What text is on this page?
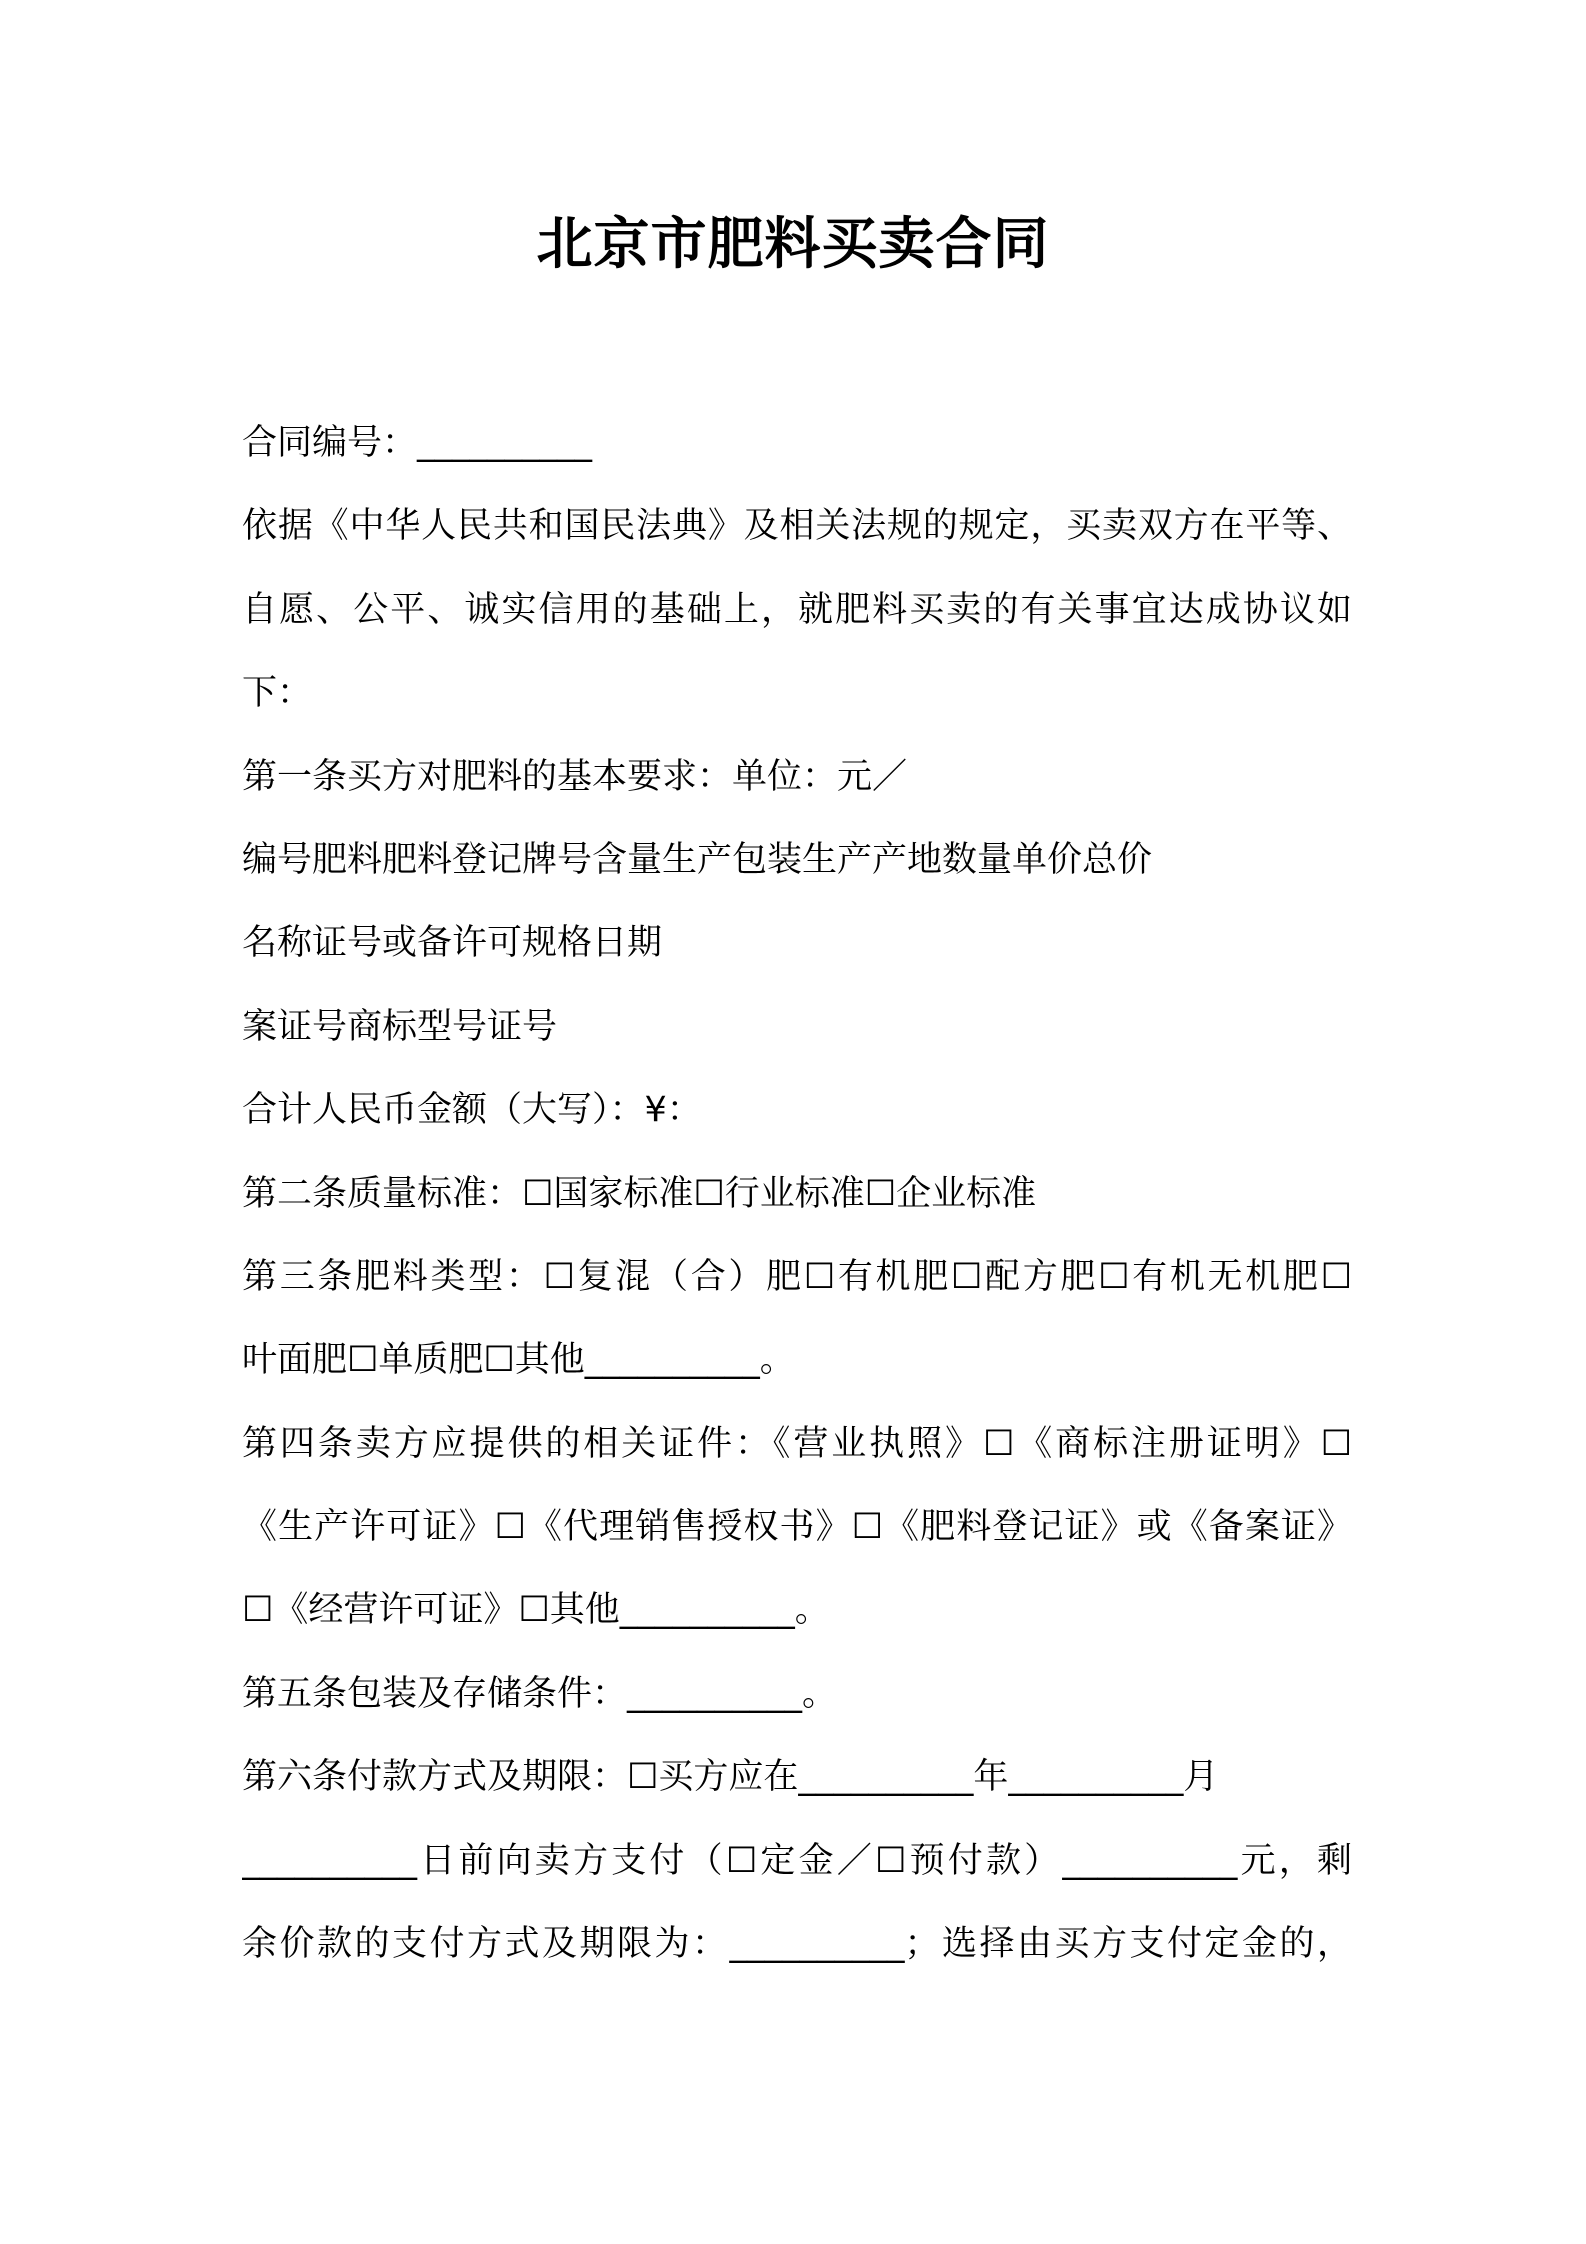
北京市肥料买卖合同
合同编号：__________
依据《中华人民共和国民法典》及相关法规的规定，买卖双方在平等、
自愿、公平、诚实信用的基础上，就肥料买卖的有关事宜达成协议如
下：
第一条买方对肥料的基本要求：单位：元／
编号肥料肥料登记牌号含量生产包装生产产地数量单价总价
名称证号或备许可规格日期
案证号商标型号证号
合计人民币金额（大写）：¥：
第二条质量标准：☐国家标准☐行业标准☐企业标准
第三条肥料类型：☐复混（合）肥☐有机肥☐配方肥☐有机无机肥☐
叶面肥☐单质肥☐其他__________。
第四条卖方应提供的相关证件：《营业执照》☐《商标注册证明》☐
《生产许可证》☐《代理销售授权书》☐《肥料登记证》或《备案证》
☐《经营许可证》☐其他__________。
第五条包装及存储条件：__________。
第六条付款方式及期限：☐买方应在__________年__________月
__________日前向卖方支付（☐定金／☐预付款）__________元，剩
余价款的支付方式及期限为：__________；选择由买方支付定金的，
